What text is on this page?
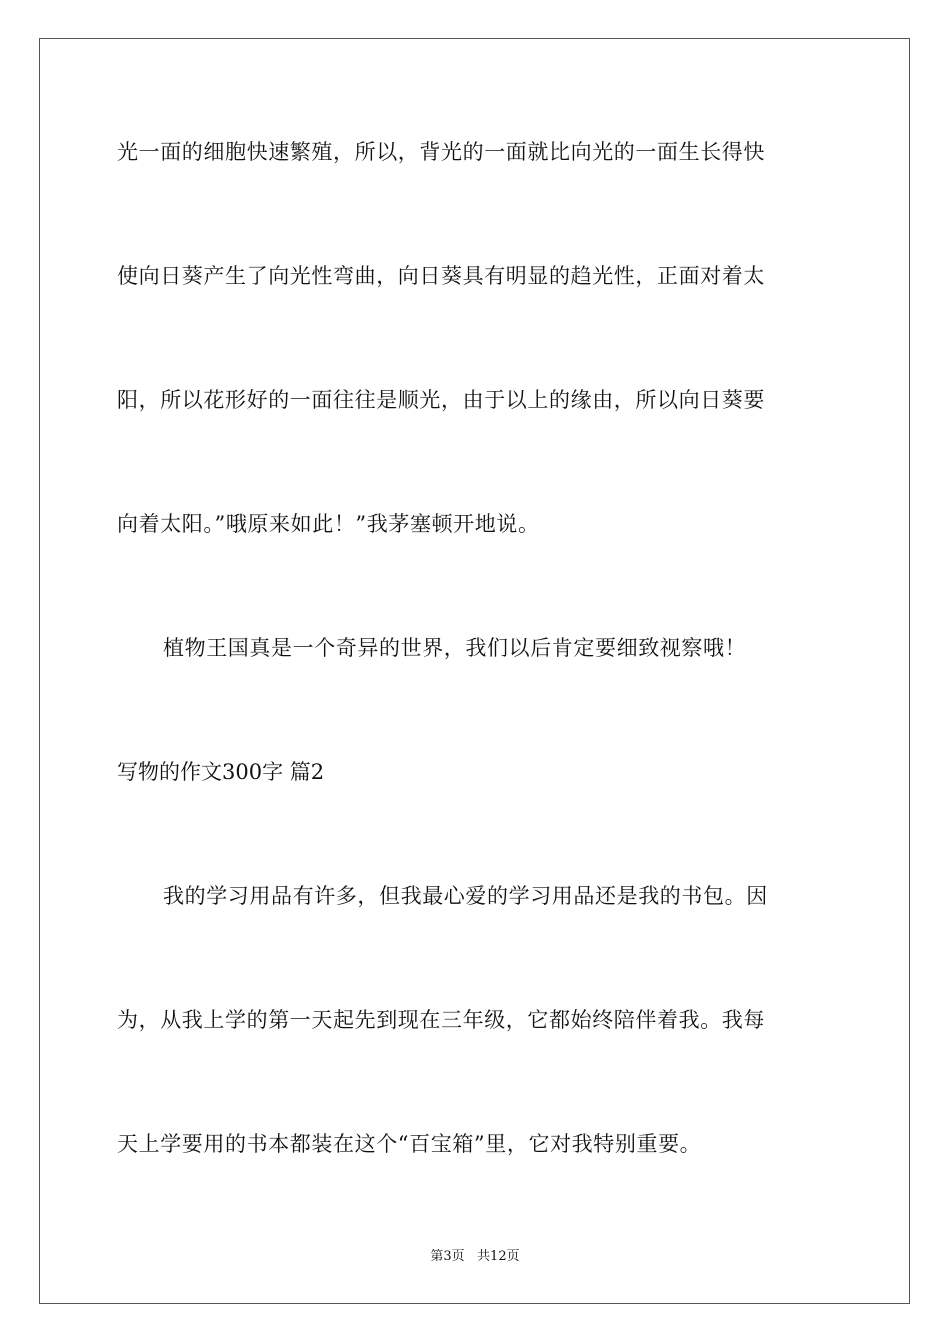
光一面的细胞快速繁殖，所以，背光的一面就比向光的一面生长得快
使向日葵产生了向光性弯曲，向日葵具有明显的趋光性，正面对着太
阳，所以花形好的一面往往是顺光，由于以上的缘由，所以向日葵要
向着太阳。”哦原来如此！”我茅塞顿开地说。
植物王国真是一个奇异的世界，我们以后肯定要细致视察哦！
写物的作文300字 篇2
我的学习用品有许多，但我最心爱的学习用品还是我的书包。因
为，从我上学的第一天起先到现在三年级，它都始终陪伴着我。我每
天上学要用的书本都装在这个“百宝箱”里，它对我特别重要。
第3页   共12页
